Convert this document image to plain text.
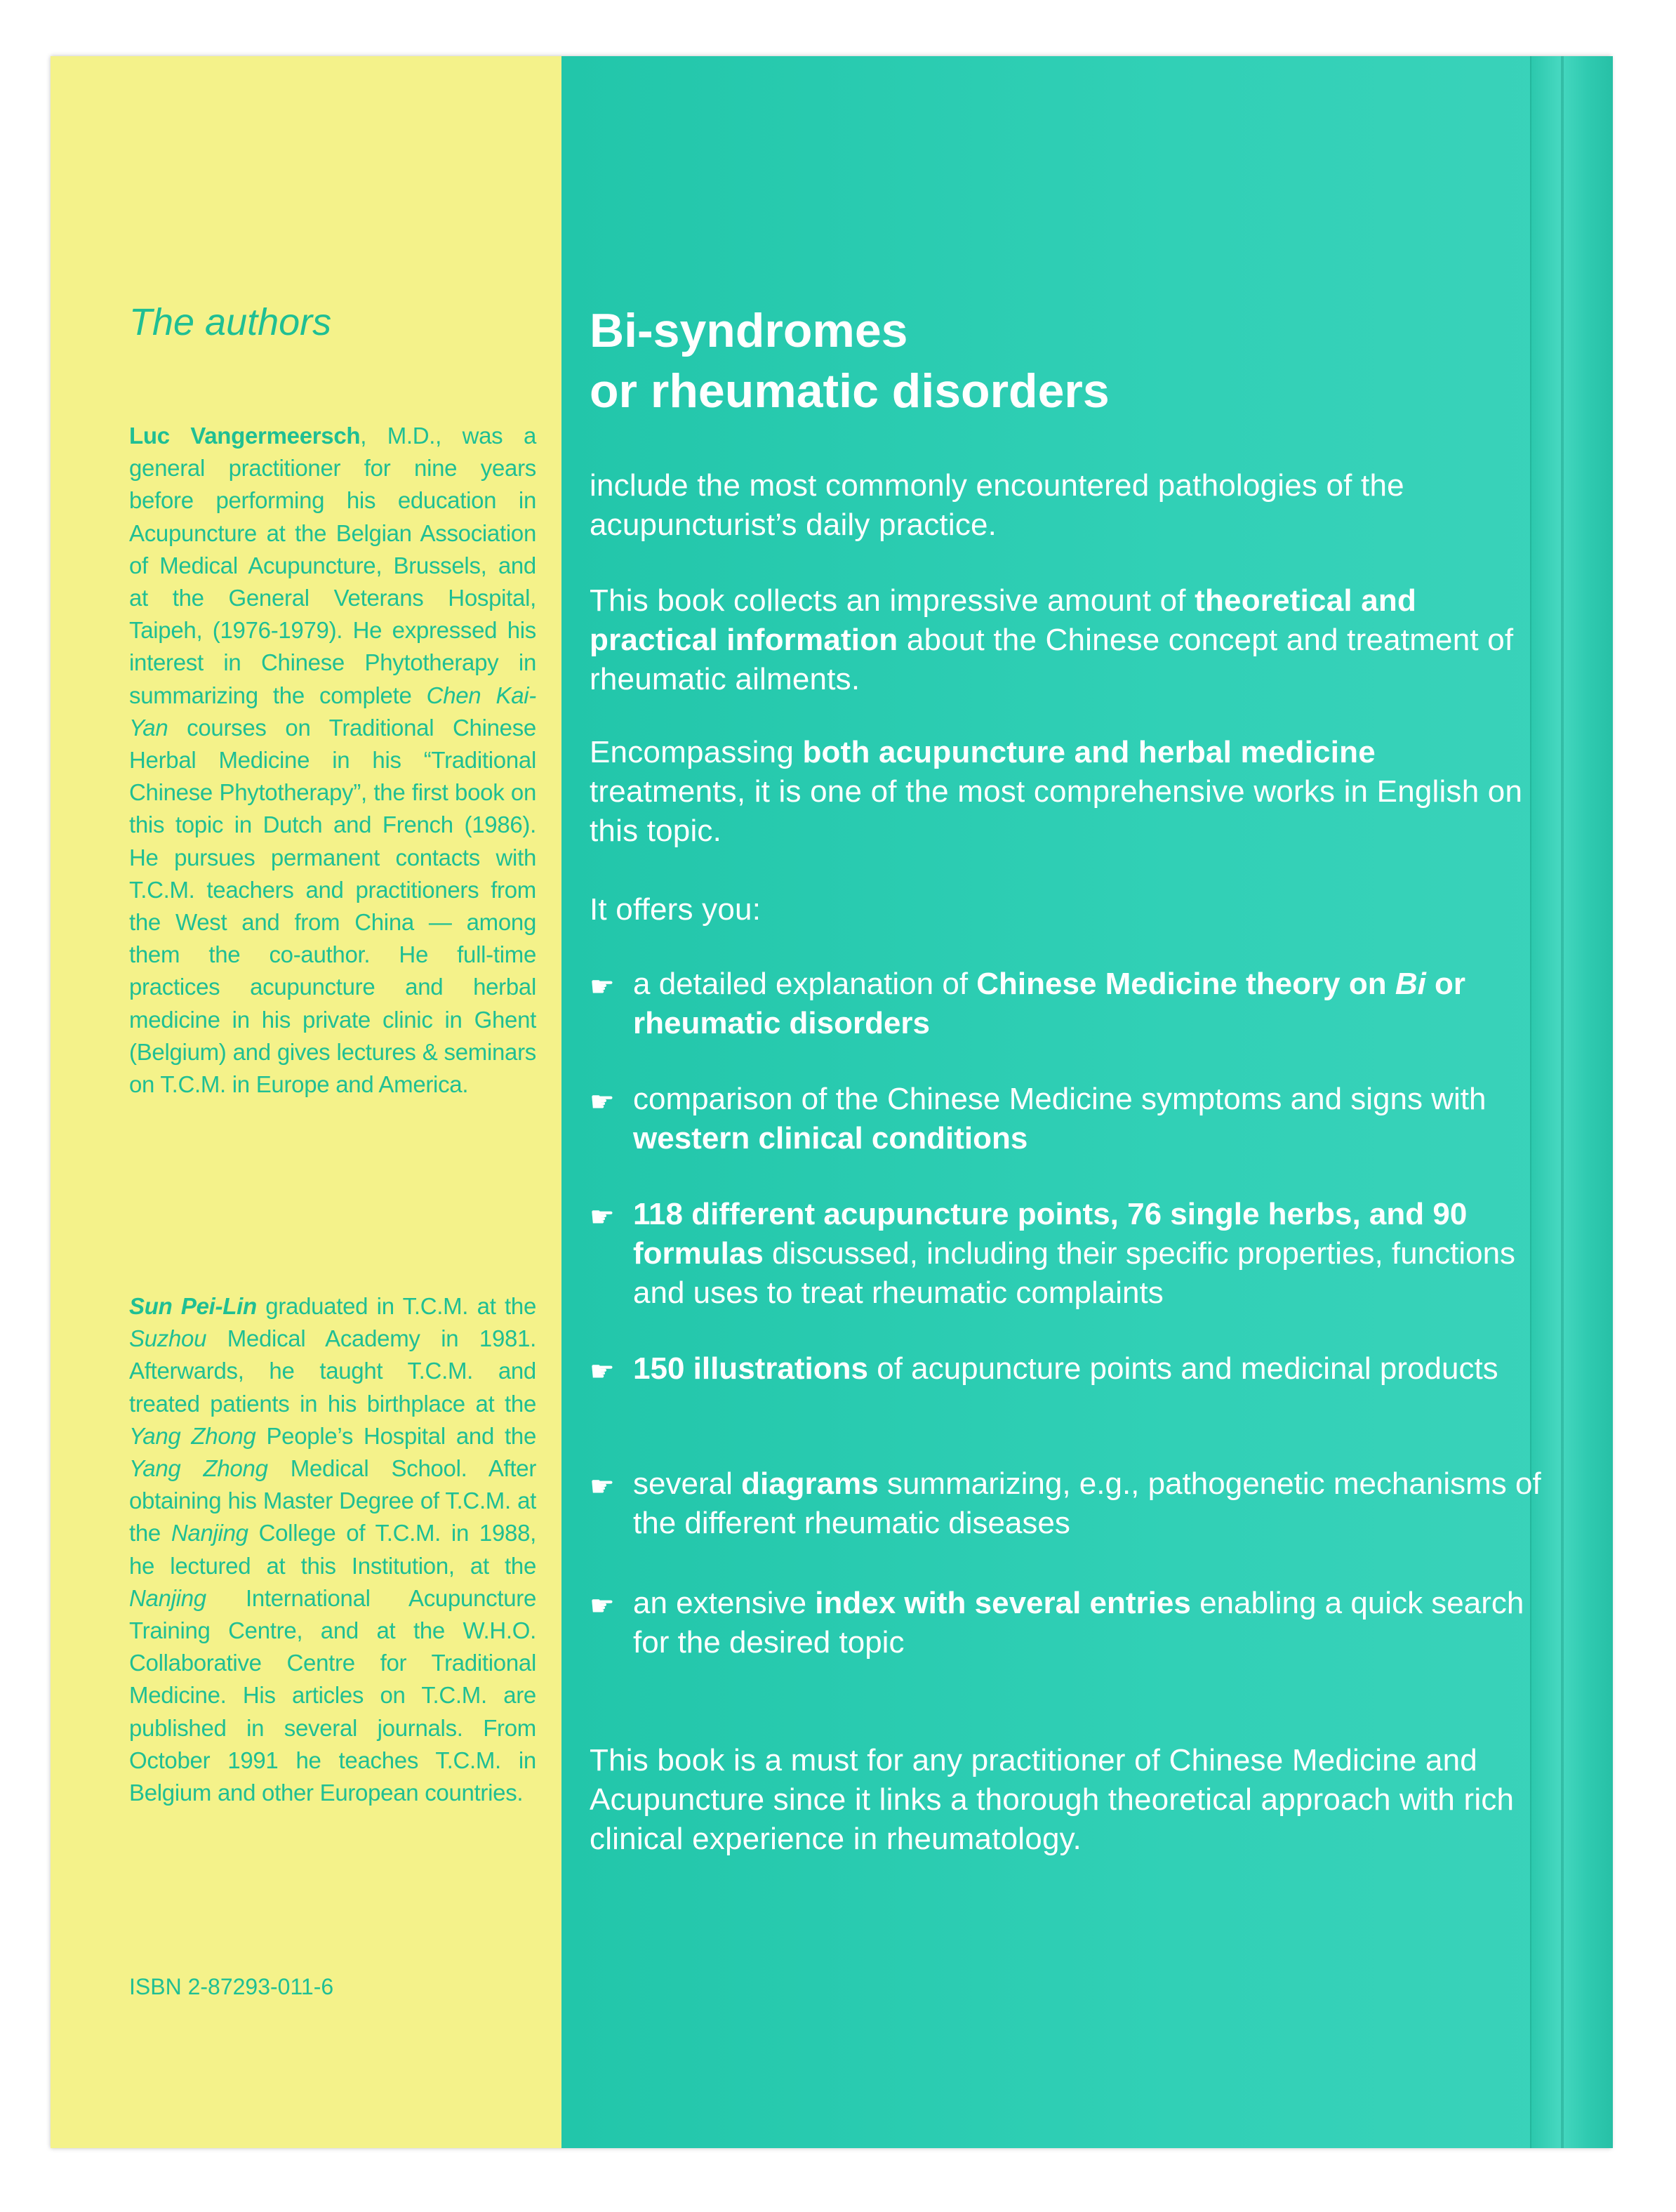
The authors

Luc Vangermeersch, M.D., was a general practitioner for nine years before performing his education in Acupuncture at the Belgian Association of Medical Acupuncture, Brussels, and at the General Veterans Hospital, Taipeh, (1976-1979). He expressed his interest in Chinese Phytotherapy in summarizing the complete Chen Kai-Yan courses on Traditional Chinese Herbal Medicine in his “Traditional Chinese Phytotherapy”, the first book on this topic in Dutch and French (1986). He pursues permanent contacts with T.C.M. teachers and practitioners from the West and from China — among them the co-author. He full-time practices acupuncture and herbal medicine in his private clinic in Ghent (Belgium) and gives lectures & seminars on T.C.M. in Europe and America.

Sun Pei-Lin graduated in T.C.M. at the Suzhou Medical Academy in 1981. Afterwards, he taught T.C.M. and treated patients in his birthplace at the Yang Zhong People’s Hospital and the Yang Zhong Medical School. After obtaining his Master Degree of T.C.M. at the Nanjing College of T.C.M. in 1988, he lectured at this Institution, at the Nanjing International Acupuncture Training Centre, and at the W.H.O. Collaborative Centre for Traditional Medicine. His articles on T.C.M. are published in several journals. From October 1991 he teaches T.C.M. in Belgium and other European countries.

ISBN 2-87293-011-6

Bi-syndromes
or rheumatic disorders

include the most commonly encountered pathologies of the acupuncturist’s daily practice.

This book collects an impressive amount of theoretical and practical information about the Chinese concept and treatment of rheumatic ailments.

Encompassing both acupuncture and herbal medicine treatments, it is one of the most comprehensive works in English on this topic.

It offers you:

☛ a detailed explanation of Chinese Medicine theory on Bi or rheumatic disorders
☛ comparison of the Chinese Medicine symptoms and signs with western clinical conditions
☛ 118 different acupuncture points, 76 single herbs, and 90 formulas discussed, including their specific properties, functions and uses to treat rheumatic complaints
☛ 150 illustrations of acupuncture points and medicinal products
☛ several diagrams summarizing, e.g., pathogenetic mechanisms of the different rheumatic diseases
☛ an extensive index with several entries enabling a quick search for the desired topic

This book is a must for any practitioner of Chinese Medicine and Acupuncture since it links a thorough theoretical approach with rich clinical experience in rheumatology.
